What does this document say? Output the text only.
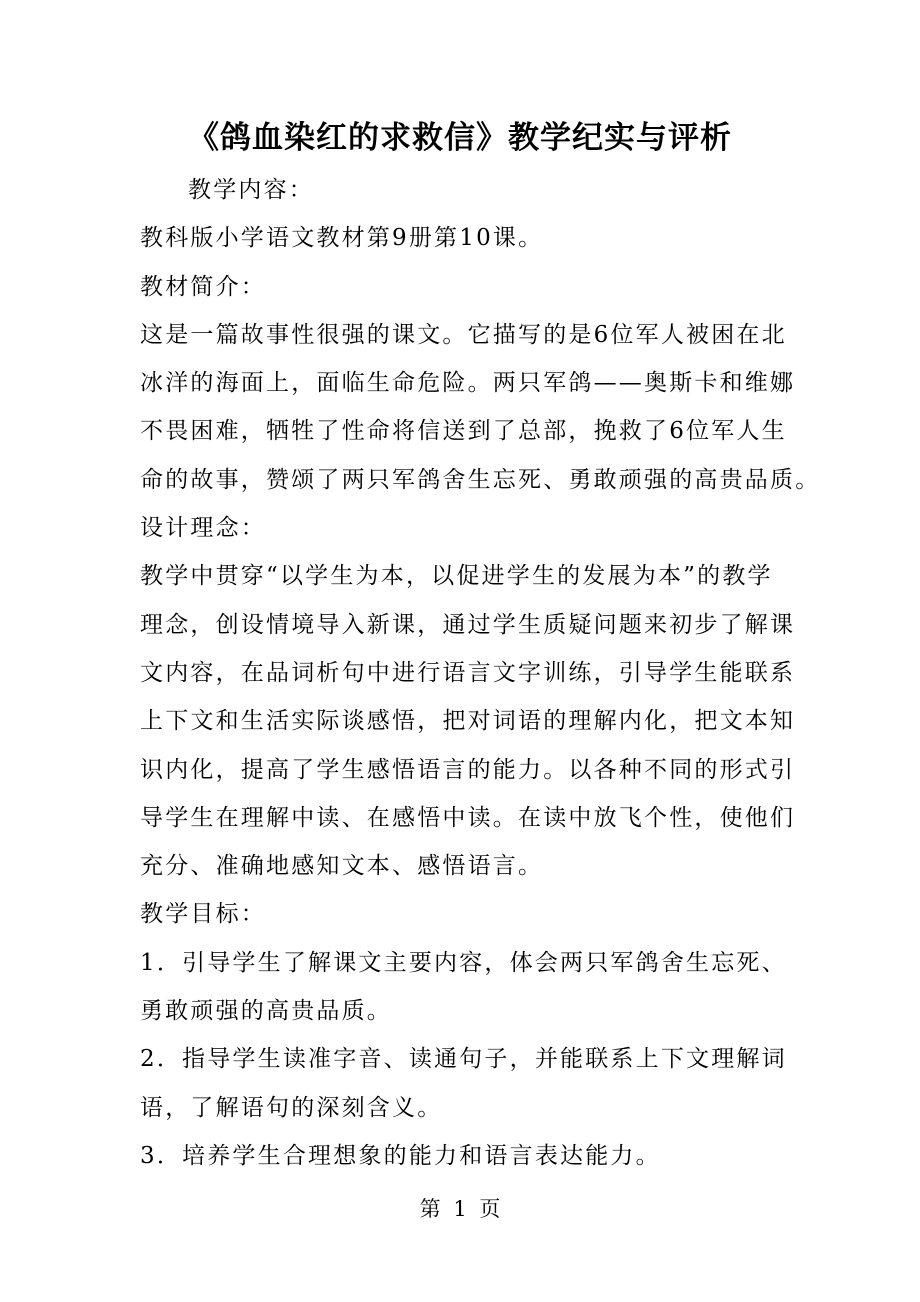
《鸽血染红的求救信》教学纪实与评析
教学内容：
教科版小学语文教材第9册第10课。
教材简介：
这是一篇故事性很强的课文。它描写的是6位军人被困在北
冰洋的海面上，面临生命危险。两只军鸽——奥斯卡和维娜
不畏困难，牺牲了性命将信送到了总部，挽救了6位军人生
命的故事，赞颂了两只军鸽舍生忘死、勇敢顽强的高贵品质。
设计理念：
教学中贯穿“以学生为本，以促进学生的发展为本”的教学
理念，创设情境导入新课，通过学生质疑问题来初步了解课
文内容，在品词析句中进行语言文字训练，引导学生能联系
上下文和生活实际谈感悟，把对词语的理解内化，把文本知
识内化，提高了学生感悟语言的能力。以各种不同的形式引
导学生在理解中读、在感悟中读。在读中放飞个性，使他们
充分、准确地感知文本、感悟语言。
教学目标：
1．引导学生了解课文主要内容，体会两只军鸽舍生忘死、
勇敢顽强的高贵品质。
2．指导学生读准字音、读通句子，并能联系上下文理解词
语，了解语句的深刻含义。
3．培养学生合理想象的能力和语言表达能力。
第 1 页
